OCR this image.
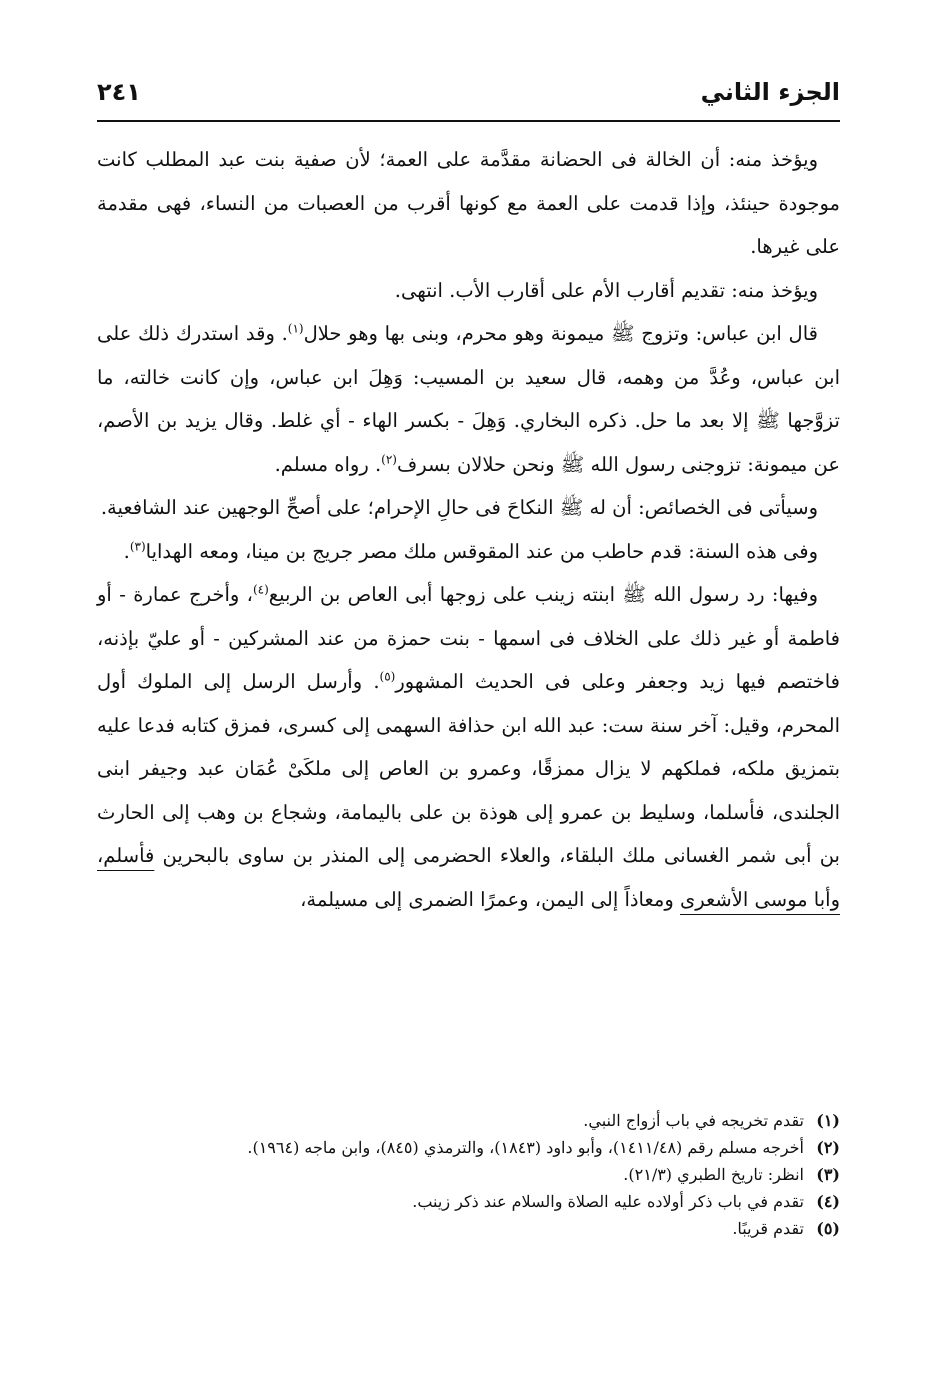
الجزء الثاني
٢٤١

ويؤخذ منه: أن الخالة فى الحضانة مقدَّمة على العمة؛ لأن صفية بنت عبد المطلب كانت موجودة حينئذ، وإذا قدمت على العمة مع كونها أقرب من العصبات من النساء، فهى مقدمة على غيرها.

ويؤخذ منه: تقديم أقارب الأم على أقارب الأب. انتهى.

قال ابن عباس: وتزوج ﷺ ميمونة وهو محرم، وبنى بها وهو حلال$^{(١)}$. وقد استدرك ذلك على ابن عباس، وعُدَّ من وهمه، قال سعيد بن المسيب: وَهِلَ ابن عباس، وإن كانت خالته، ما تزوَّجها ﷺ إلا بعد ما حل. ذكره البخاري. وَهِلَ - بكسر الهاء - أي غلط. وقال يزيد بن الأصم، عن ميمونة: تزوجنى رسول الله ﷺ ونحن حلالان بسرف$^{(٢)}$. رواه مسلم.

وسيأتى فى الخصائص: أن له ﷺ النكاحَ فى حالِ الإحرام؛ على أصحِّ الوجهين عند الشافعية.

وفى هذه السنة: قدم حاطب من عند المقوقس ملك مصر جريج بن مينا، ومعه الهدايا$^{(٣)}$.

وفيها: رد رسول الله ﷺ ابنته زينب على زوجها أبى العاص بن الربيع$^{(٤)}$، وأخرج عمارة - أو فاطمة أو غير ذلك على الخلاف فى اسمها - بنت حمزة من عند المشركين - أو عليّ بإذنه، فاختصم فيها زيد وجعفر وعلى فى الحديث المشهور$^{(٥)}$. وأرسل الرسل إلى الملوك أول المحرم، وقيل: آخر سنة ست: عبد الله ابن حذافة السهمى إلى كسرى، فمزق كتابه فدعا عليه بتمزيق ملكه، فملكهم لا يزال ممزقًا، وعمرو بن العاص إلى ملكَىْ عُمَان عبد وجيفر ابنى الجلندى، فأسلما، وسليط بن عمرو إلى هوذة بن على باليمامة، وشجاع بن وهب إلى الحارث بن أبى شمر الغسانى ملك البلقاء، والعلاء الحضرمى إلى المنذر بن ساوى بالبحرين فأسلم، وأبا موسى الأشعرى ومعاذاً إلى اليمن، وعمرًا الضمرى إلى مسيلمة،

(١)
تقدم تخريجه في باب أزواج النبي.

(٢)
أخرجه مسلم رقم (١٤١١/٤٨)، وأبو داود (١٨٤٣)، والترمذي (٨٤٥)، وابن ماجه (١٩٦٤).

(٣)
انظر: تاريخ الطبري (٢١/٣).

(٤)
تقدم في باب ذكر أولاده عليه الصلاة والسلام عند ذكر زينب.

(٥)
تقدم قريبًا.
